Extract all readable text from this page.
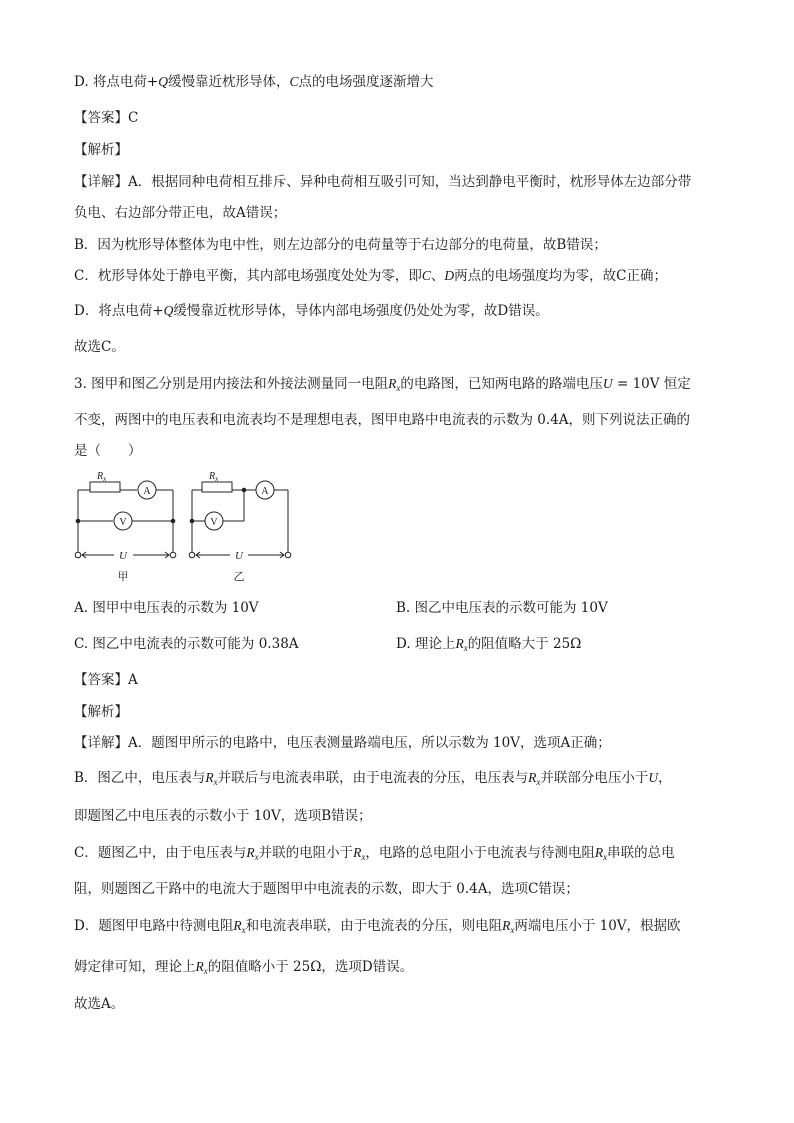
D. 将点电荷+Q缓慢靠近枕形导体，C点的电场强度逐渐增大
【答案】C
【解析】
【详解】A．根据同种电荷相互排斥、异种电荷相互吸引可知，当达到静电平衡时，枕形导体左边部分带
负电、右边部分带正电，故A错误；
B．因为枕形导体整体为电中性，则左边部分的电荷量等于右边部分的电荷量，故B错误；
C．枕形导体处于静电平衡，其内部电场强度处处为零，即C、D两点的电场强度均为零，故C正确；
D．将点电荷+Q缓慢靠近枕形导体，导体内部电场强度仍处处为零，故D错误。
故选C。
3. 图甲和图乙分别是用内接法和外接法测量同一电阻$R_x$的电路图，已知两电路的路端电压U = 10V 恒定
不变，两图中的电压表和电流表均不是理想电表，图甲电路中电流表的示数为 0.4A，则下列说法正确的
是（　　）
$R_x$
A
V
U
甲
$R_x$
A
V
U
乙
A. 图甲中电压表的示数为 10V	B. 图乙中电压表的示数可能为 10V
C. 图乙中电流表的示数可能为 0.38A	D. 理论上$R_x$的阻值略大于 25Ω
【答案】A
【解析】
【详解】A．题图甲所示的电路中，电压表测量路端电压，所以示数为 10V，选项A正确；
B．图乙中，电压表与$R_x$并联后与电流表串联，由于电流表的分压，电压表与$R_x$并联部分电压小于U，
即题图乙中电压表的示数小于 10V，选项B错误；
C．题图乙中，由于电压表与$R_x$并联的电阻小于$R_x$，电路的总电阻小于电流表与待测电阻$R_x$串联的总电
阻，则题图乙干路中的电流大于题图甲中电流表的示数，即大于 0.4A，选项C错误；
D．题图甲电路中待测电阻$R_x$和电流表串联，由于电流表的分压，则电阻$R_x$两端电压小于 10V，根据欧
姆定律可知，理论上$R_x$的阻值略小于 25Ω，选项D错误。
故选A。
